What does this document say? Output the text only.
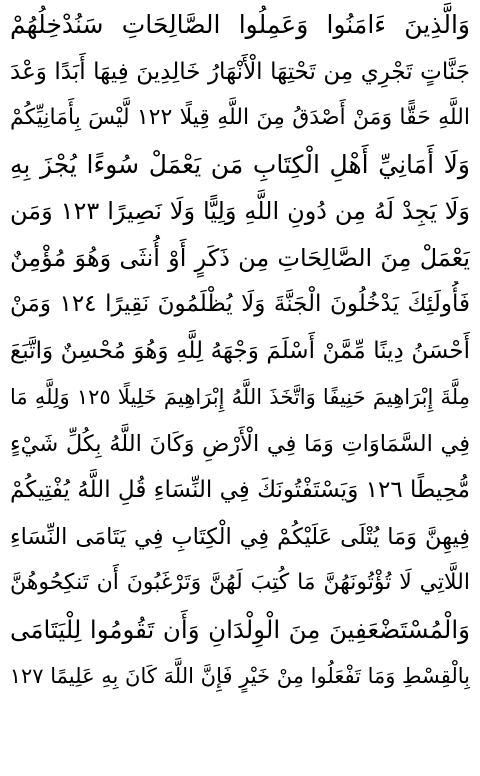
وَالَّذِينَ ءَامَنُوا وَعَمِلُوا الصَّالِحَاتِ سَنُدْخِلُهُمْ
جَنَّاتٍ تَجْرِي مِن تَحْتِهَا الْأَنْهَارُ خَالِدِينَ فِيهَا أَبَدًا وَعْدَ
اللَّهِ حَقًّا وَمَنْ أَصْدَقُ مِنَ اللَّهِ قِيلًا ١٢٢ لَّيْسَ بِأَمَانِيِّكُمْ
وَلَا أَمَانِيِّ أَهْلِ الْكِتَابِ مَن يَعْمَلْ سُوءًا يُجْزَ بِهِ
وَلَا يَجِدْ لَهُ مِن دُونِ اللَّهِ وَلِيًّا وَلَا نَصِيرًا ١٢٣ وَمَن
يَعْمَلْ مِنَ الصَّالِحَاتِ مِن ذَكَرٍ أَوْ أُنثَى وَهُوَ مُؤْمِنٌ
فَأُولَئِكَ يَدْخُلُونَ الْجَنَّةَ وَلَا يُظْلَمُونَ نَقِيرًا ١٢٤ وَمَنْ
أَحْسَنُ دِينًا مِّمَّنْ أَسْلَمَ وَجْهَهُ لِلَّهِ وَهُوَ مُحْسِنٌ وَاتَّبَعَ
مِلَّةَ إِبْرَاهِيمَ حَنِيفًا وَاتَّخَذَ اللَّهُ إِبْرَاهِيمَ خَلِيلًا ١٢٥ وَلِلَّهِ مَا
فِي السَّمَاوَاتِ وَمَا فِي الْأَرْضِ وَكَانَ اللَّهُ بِكُلِّ شَيْءٍ
مُّحِيطًا ١٢٦ وَيَسْتَفْتُونَكَ فِي النِّسَاءِ قُلِ اللَّهُ يُفْتِيكُمْ
فِيهِنَّ وَمَا يُتْلَى عَلَيْكُمْ فِي الْكِتَابِ فِي يَتَامَى النِّسَاءِ
اللَّاتِي لَا تُؤْتُونَهُنَّ مَا كُتِبَ لَهُنَّ وَتَرْغَبُونَ أَن تَنكِحُوهُنَّ
وَالْمُسْتَضْعَفِينَ مِنَ الْوِلْدَانِ وَأَن تَقُومُوا لِلْيَتَامَى
بِالْقِسْطِ وَمَا تَفْعَلُوا مِنْ خَيْرٍ فَإِنَّ اللَّهَ كَانَ بِهِ عَلِيمًا ١٢٧
